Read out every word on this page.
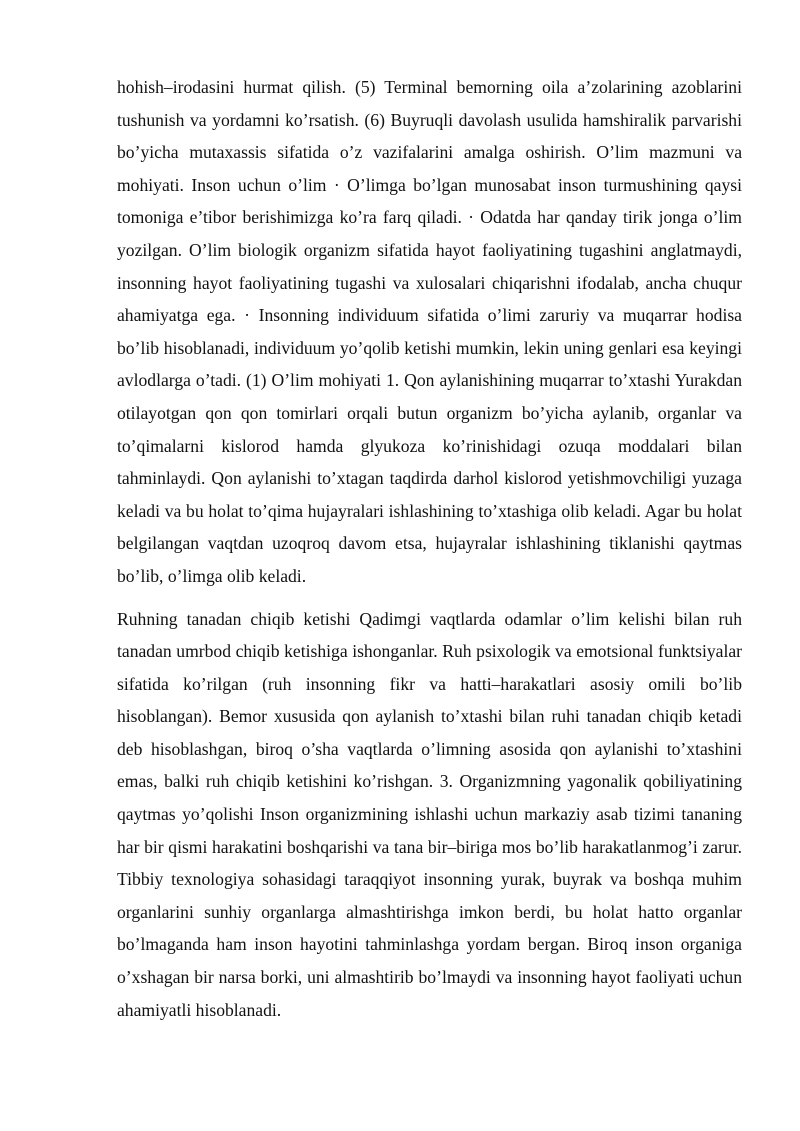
hohish–irodasini hurmat qilish. (5) Terminal bemorning oila a’zolarining azoblarini tushunish va yordamni ko’rsatish. (6) Buyruqli davolash usulida hamshiralik parvarishi bo’yicha mutaxassis sifatida o’z vazifalarini amalga oshirish. O’lim mazmuni va mohiyati. Inson uchun o’lim · O’limga bo’lgan munosabat inson turmushining qaysi tomoniga e’tibor berishimizga ko’ra farq qiladi. · Odatda har qanday tirik jonga o’lim yozilgan. O’lim biologik organizm sifatida hayot faoliyatining tugashini anglatmaydi, insonning hayot faoliyatining tugashi va xulosalari chiqarishni ifodalab, ancha chuqur ahamiyatga ega. · Insonning individuum sifatida o’limi zaruriy va muqarrar hodisa bo’lib hisoblanadi, individuum yo’qolib ketishi mumkin, lekin uning genlari esa keyingi avlodlarga o’tadi. (1) O’lim mohiyati 1. Qon aylanishining muqarrar to’xtashi Yurakdan otilayotgan qon qon tomirlari orqali butun organizm bo’yicha aylanib, organlar va to’qimalarni kislorod hamda glyukoza ko’rinishidagi ozuqa moddalari bilan tahminlaydi. Qon aylanishi to’xtagan taqdirda darhol kislorod yetishmovchiligi yuzaga keladi va bu holat to’qima hujayralari ishlashining to’xtashiga olib keladi. Agar bu holat belgilangan vaqtdan uzoqroq davom etsa, hujayralar ishlashining tiklanishi qaytmas bo’lib, o’limga olib keladi.

Ruhning tanadan chiqib ketishi Qadimgi vaqtlarda odamlar o’lim kelishi bilan ruh tanadan umrbod chiqib ketishiga ishonganlar. Ruh psixologik va emotsional funktsiyalar sifatida ko’rilgan (ruh insonning fikr va hatti–harakatlari asosiy omili bo’lib hisoblangan). Bemor xususida qon aylanish to’xtashi bilan ruhi tanadan chiqib ketadi deb hisoblashgan, biroq o’sha vaqtlarda o’limning asosida qon aylanishi to’xtashini emas, balki ruh chiqib ketishini ko’rishgan. 3. Organizmning yagonalik qobiliyatining qaytmas yo’qolishi Inson organizmining ishlashi uchun markaziy asab tizimi tananing har bir qismi harakatini boshqarishi va tana bir–biriga mos bo’lib harakatlanmog’i zarur. Tibbiy texnologiya sohasidagi taraqqiyot insonning yurak, buyrak va boshqa muhim organlarini sunhiy organlarga almashtirishga imkon berdi, bu holat hatto organlar bo’lmaganda ham inson hayotini tahminlashga yordam bergan. Biroq inson organiga o’xshagan bir narsa borki, uni almashtirib bo’lmaydi va insonning hayot faoliyati uchun ahamiyatli hisoblanadi.
